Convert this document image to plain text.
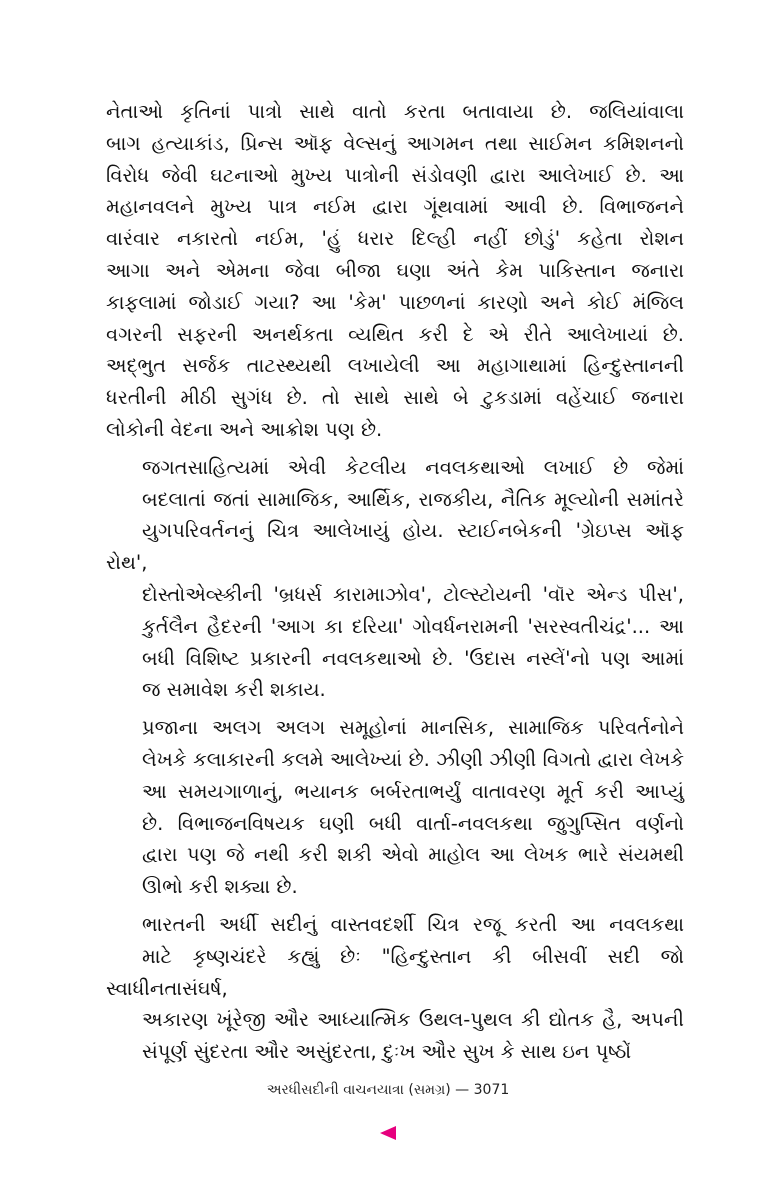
નેતાઓ કૃતિનાં પાત્રો સાથે વાતો કરતા બતાવાયા છે. જલિયાંવાલા
બાગ હત્યાકાંડ, પ્રિન્સ ઑફ વેલ્સનું આગમન તથા સાઈમન કમિશનનો
વિરોધ જેવી ઘટનાઓ મુખ્ય પાત્રોની સંડોવણી દ્વારા આલેખાઈ છે. આ
મહાનવલને મુખ્ય પાત્ર નઈમ દ્વારા ગૂંથવામાં આવી છે. વિભાજનને
વારંવાર નકારતો નઈમ, 'હું ધરાર દિલ્હી નહીં છોડું' કહેતા રોશન
આગા અને એમના જેવા બીજા ઘણા અંતે કેમ પાકિસ્તાન જનારા
કાફલામાં જોડાઈ ગયા? આ 'કેમ' પાછળનાં કારણો અને કોઈ મંજિલ
વગરની સફરની અનર્થકતા વ્યથિત કરી દે એ રીતે આલેખાયાં છે.
અદ્ભુત સર્જક તાટસ્થ્યથી લખાયેલી આ મહાગાથામાં હિન્દુસ્તાનની
ધરતીની મીઠી સુગંધ છે. તો સાથે સાથે બે ટુકડામાં વહેંચાઈ જનારા
લોકોની વેદના અને આક્રોશ પણ છે.

જગતસાહિત્યમાં એવી કેટલીય નવલકથાઓ લખાઈ છે જેમાં
બદલાતાં જતાં સામાજિક, આર્થિક, રાજકીય, નૈતિક મૂલ્યોની સમાંતરે
યુગપરિવર્તનનું ચિત્ર આલેખાયું હોય. સ્ટાઈનબેકની 'ગ્રેઇપ્સ ઑફ રોથ',
દોસ્તોએવ્સ્કીની 'બ્રધર્સ કારામાઝોવ', ટોલ્સ્ટોયની 'વૉર એન્ડ પીસ',
કુર્તલૈન હૈદરની 'આગ કા દરિયા' ગોવર્ધનરામની 'સરસ્વતીચંદ્ર'... આ
બધી વિશિષ્ટ પ્રકારની નવલકથાઓ છે. 'ઉદાસ નસ્લેં'નો પણ આમાં
જ સમાવેશ કરી શકાય.

પ્રજાના અલગ અલગ સમૂહોનાં માનસિક, સામાજિક પરિવર્તનોને
લેખકે કલાકારની કલમે આલેખ્યાં છે. ઝીણી ઝીણી વિગતો દ્વારા લેખકે
આ સમયગાળાનું, ભયાનક બર્બરતાભર્યું વાતાવરણ મૂર્ત કરી આપ્યું
છે. વિભાજનવિષયક ઘણી બધી વાર્તા-નવલકથા જુગુપ્સિત વર્ણનો
દ્વારા પણ જે નથી કરી શકી એવો માહોલ આ લેખક ભારે સંયમથી
ઊભો કરી શક્યા છે.

ભારતની અર્ધી સદીનું વાસ્તવદર્શી ચિત્ર રજૂ કરતી આ નવલકથા
માટે કૃષ્ણચંદરે કહ્યું છેઃ "હિન્દુસ્તાન કી બીસવીં સદી જો સ્વાધીનતાસંઘર્ષ,
અકારણ ખૂંરેજી ઔર આધ્યાત્મિક ઉથલ-પુથલ કી દ્યોતક હૈ, અપની
સંપૂર્ણ સુંદરતા ઔર અસુંદરતા, દુઃખ ઔર સુખ કે સાથ ઇન પૃષ્ઠોં

અરધીસદીની વાચનયાત્રા (સમગ્ર) — 3071
